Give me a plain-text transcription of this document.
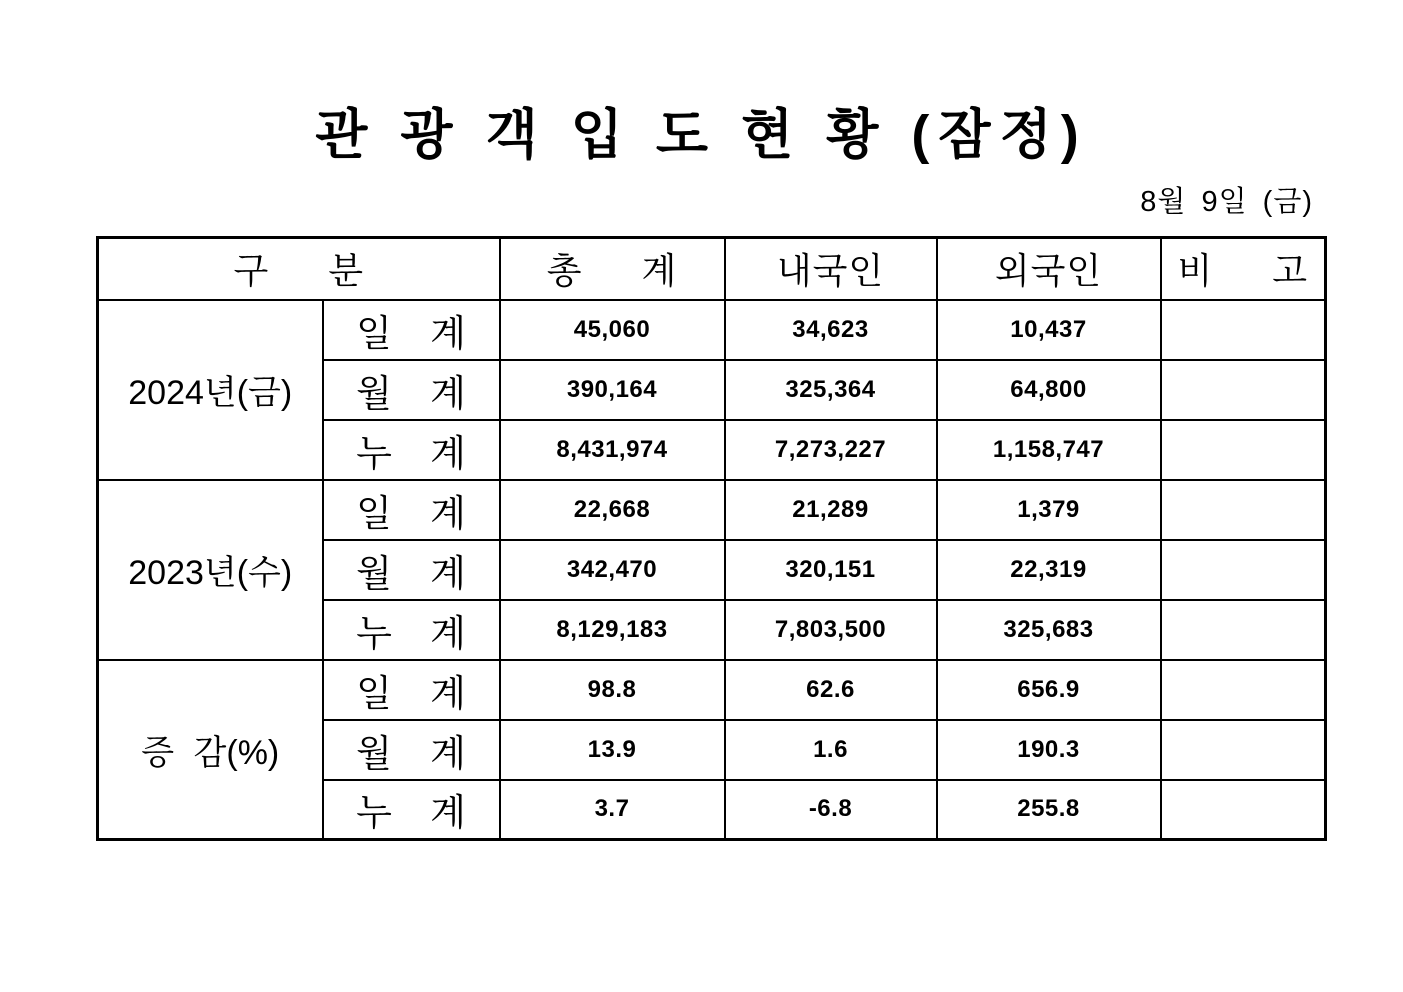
관 광 객 입 도 현 황 (잠정)
8월 9일 (금)
구 분		총 계	내국인	외국인	비 고
2024년(금)	일 계	45,060	34,623	10,437	
	월 계	390,164	325,364	64,800	
	누 계	8,431,974	7,273,227	1,158,747	
2023년(수)	일 계	22,668	21,289	1,379	
	월 계	342,470	320,151	22,319	
	누 계	8,129,183	7,803,500	325,683	
증 감(%)	일 계	98.8	62.6	656.9	
	월 계	13.9	1.6	190.3	
	누 계	3.7	-6.8	255.8	
